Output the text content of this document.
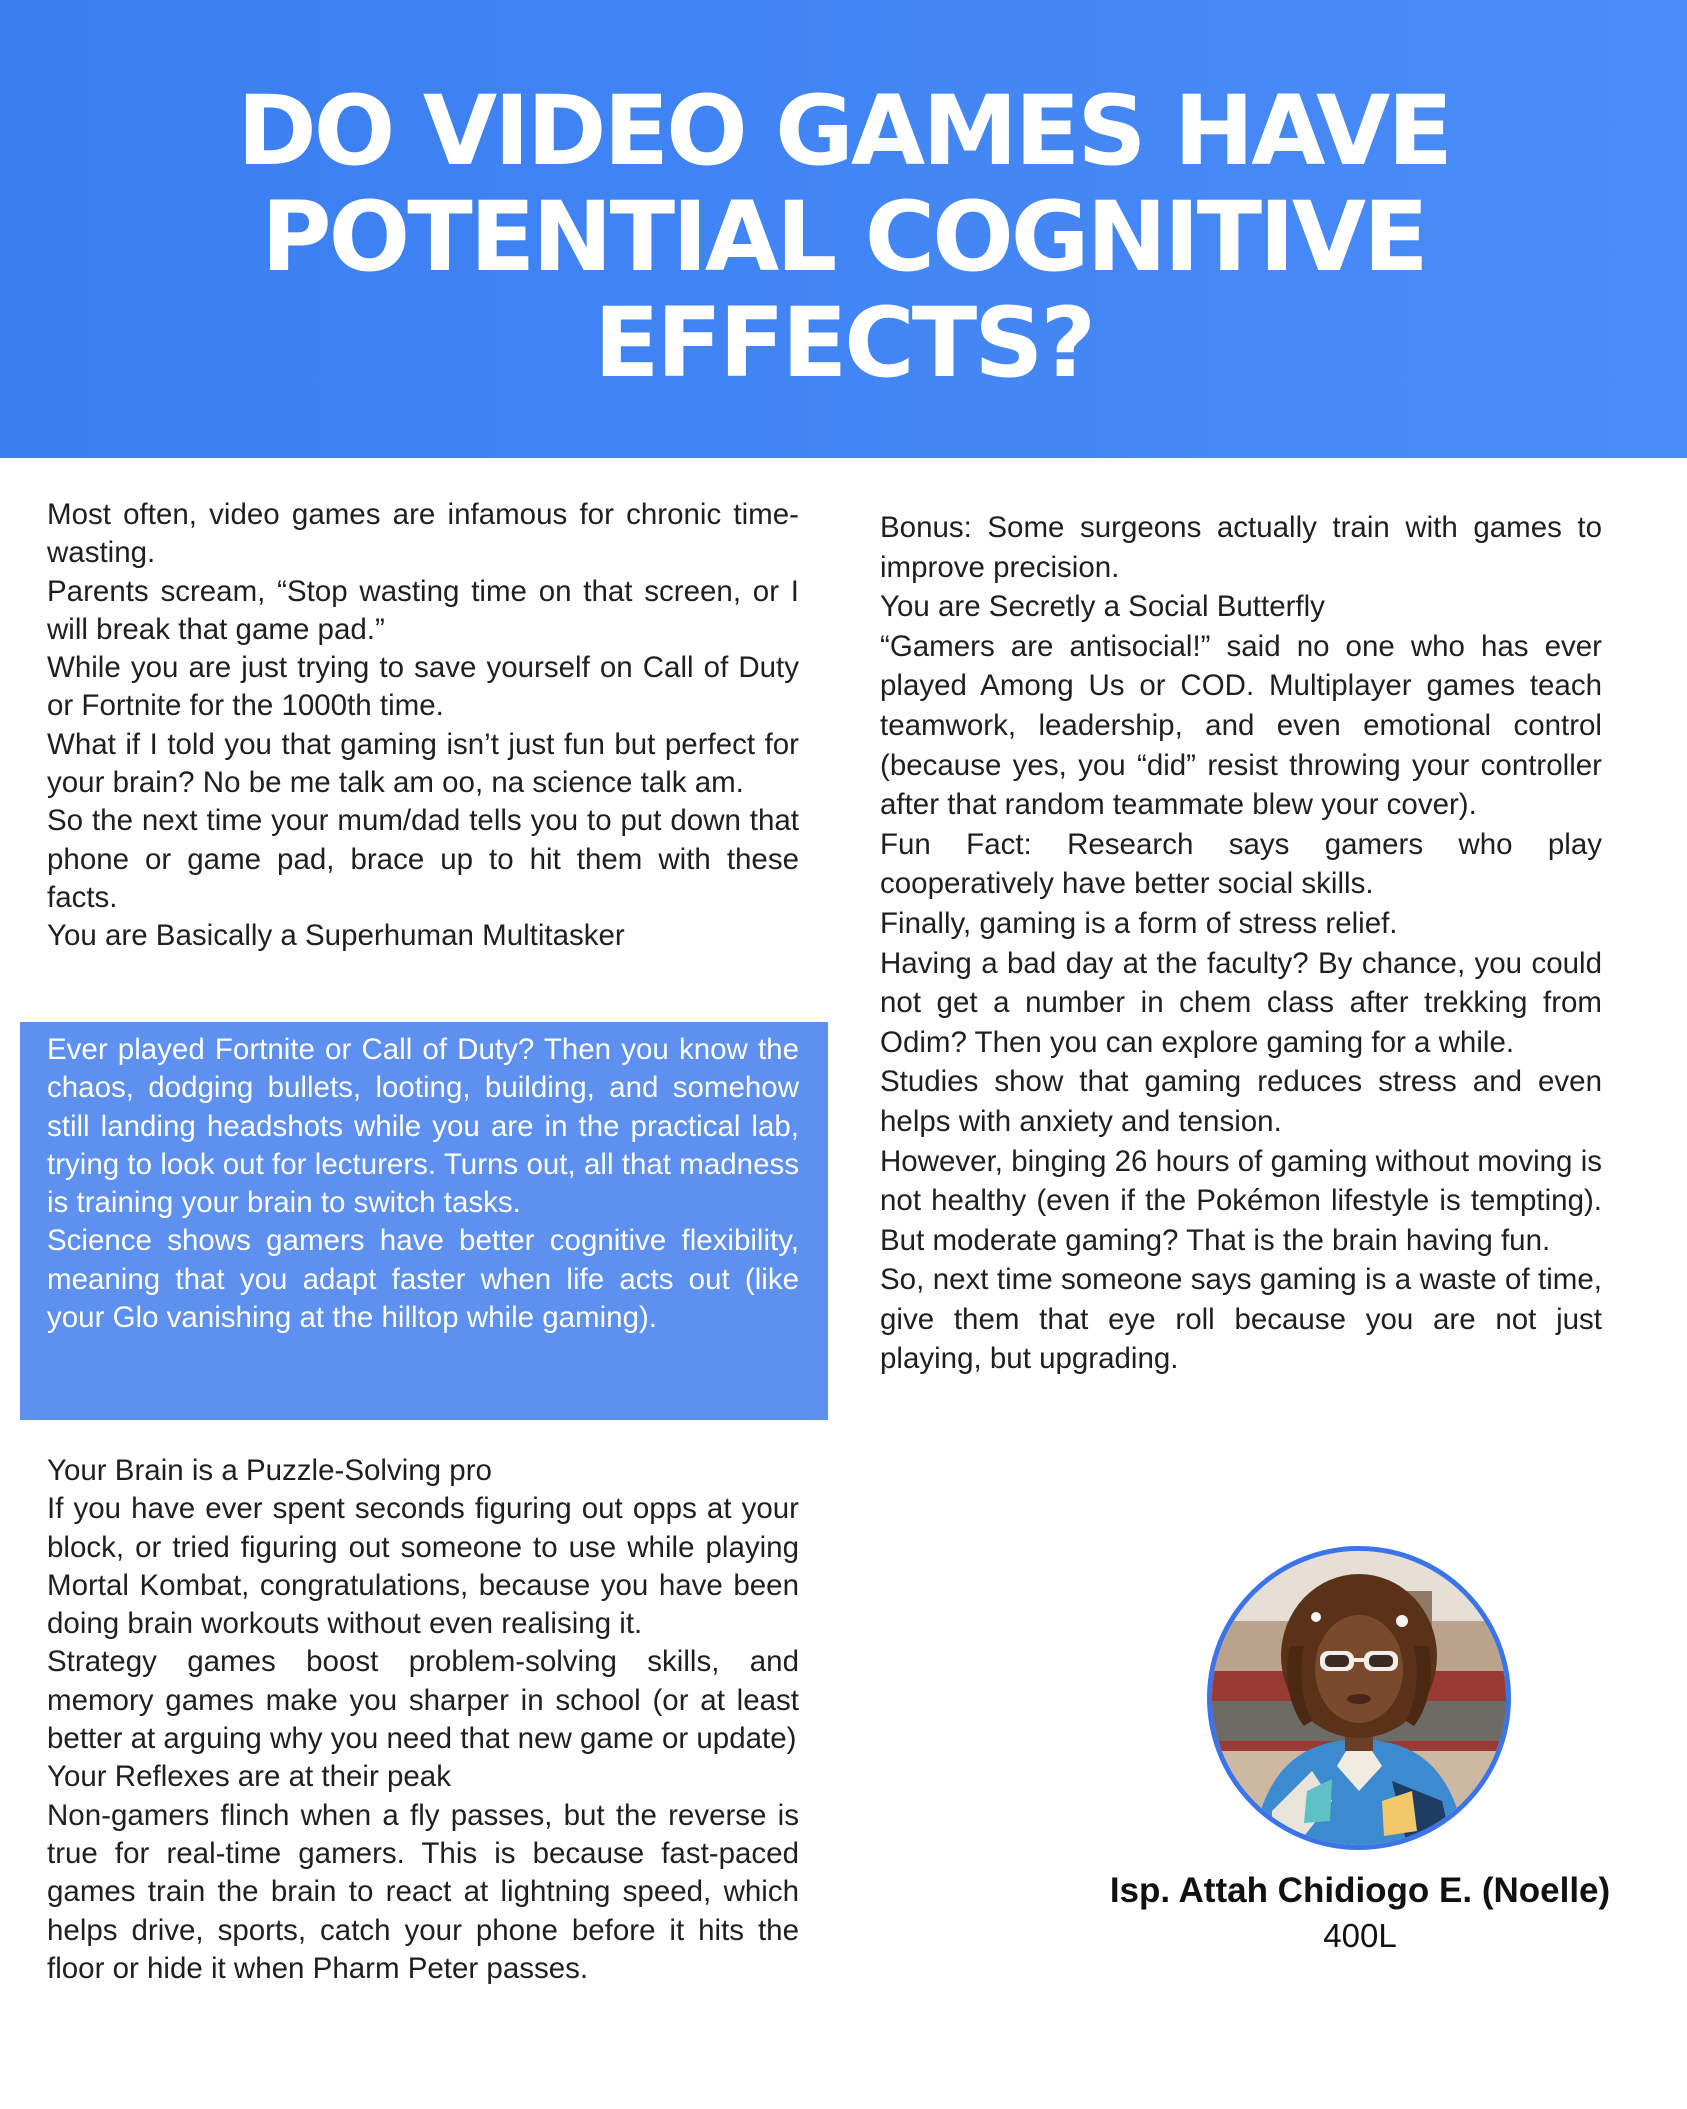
DO VIDEO GAMES HAVE POTENTIAL COGNITIVE EFFECTS?

Most often, video games are infamous for chronic time-wasting.

Parents scream, “Stop wasting time on that screen, or I will break that game pad.”

While you are just trying to save yourself on Call of Duty or Fortnite for the 1000th time.

What if I told you that gaming isn’t just fun but perfect for your brain? No be me talk am oo, na science talk am.

So the next time your mum/dad tells you to put down that phone or game pad, brace up to hit them with these facts.

You are Basically a Superhuman Multitasker

Ever played Fortnite or Call of Duty? Then you know the chaos, dodging bullets, looting, building, and somehow still landing headshots while you are in the practical lab, trying to look out for lecturers. Turns out, all that madness is training your brain to switch tasks.

Science shows gamers have better cognitive flexibility, meaning that you adapt faster when life acts out (like your Glo vanishing at the hilltop while gaming).

Your Brain is a Puzzle-Solving pro

If you have ever spent seconds figuring out opps at your block, or tried figuring out someone to use while playing Mortal Kombat, congratulations, because you have been doing brain workouts without even realising it.

Strategy games boost problem-solving skills, and memory games make you sharper in school (or at least better at arguing why you need that new game or update)

Your Reflexes are at their peak

Non-gamers flinch when a fly passes, but the reverse is true for real-time gamers. This is because fast-paced games train the brain to react at lightning speed, which helps drive, sports, catch your phone before it hits the floor or hide it when Pharm Peter passes.

Bonus: Some surgeons actually train with games to improve precision.

You are Secretly a Social Butterfly

“Gamers are antisocial!” said no one who has ever played Among Us or COD. Multiplayer games teach teamwork, leadership, and even emotional control (because yes, you “did” resist throwing your controller after that random teammate blew your cover).

Fun Fact: Research says gamers who play cooperatively have better social skills.

Finally, gaming is a form of stress relief.

Having a bad day at the faculty? By chance, you could not get a number in chem class after trekking from Odim? Then you can explore gaming for a while.

Studies show that gaming reduces stress and even helps with anxiety and tension.

However, binging 26 hours of gaming without moving is not healthy (even if the Pokémon lifestyle is tempting). But moderate gaming? That is the brain having fun.

So, next time someone says gaming is a waste of time, give them that eye roll because you are not just playing, but upgrading.

Isp. Attah Chidiogo E. (Noelle)
400L
